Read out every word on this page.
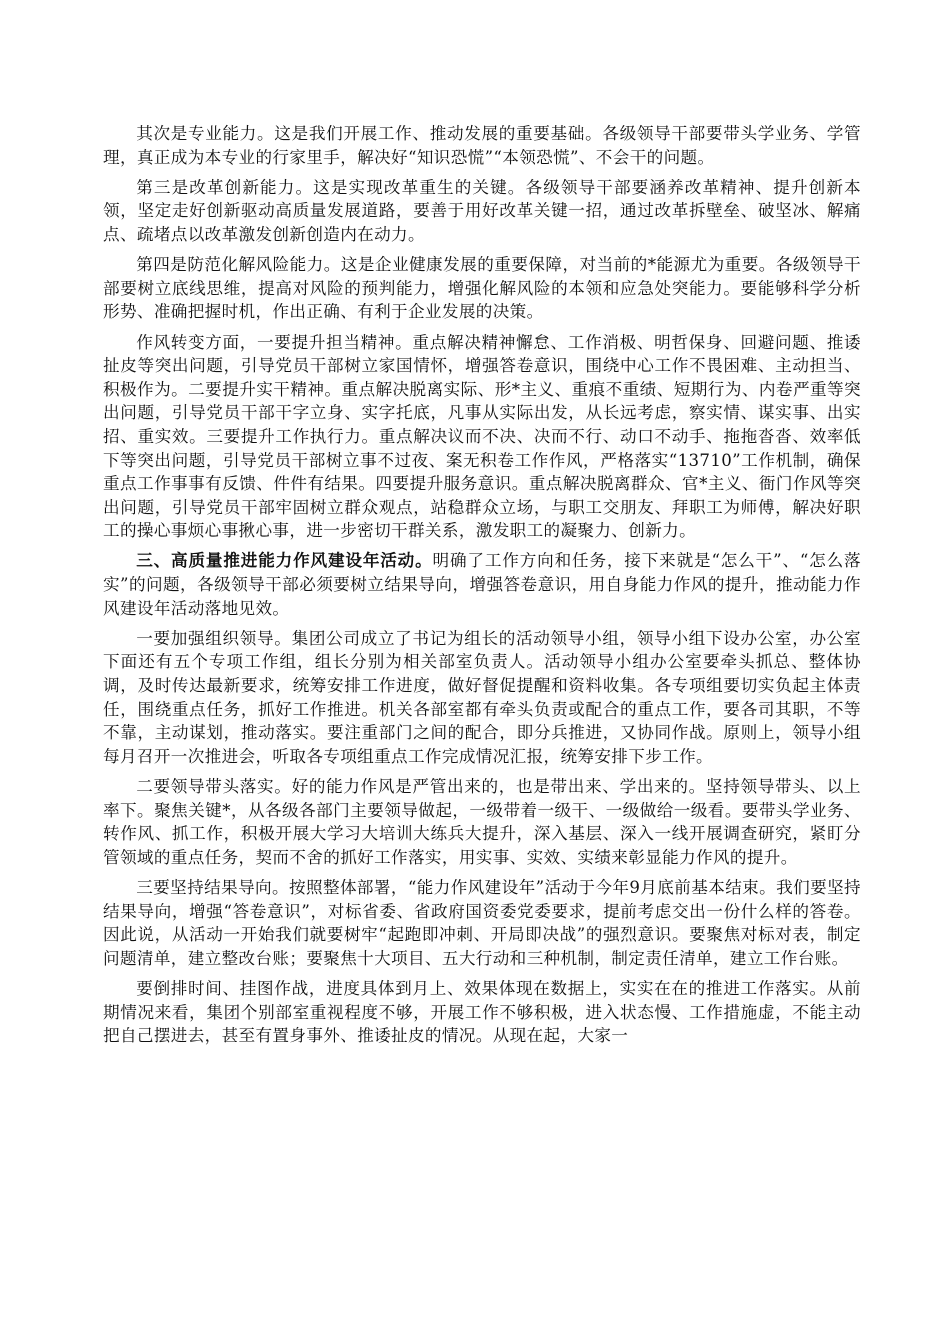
其次是专业能力。这是我们开展工作、推动发展的重要基础。各级领导干部要带头学业务、学管理，真正成为本专业的行家里手，解决好“知识恐慌”“本领恐慌”、不会干的问题。

第三是改革创新能力。这是实现改革重生的关键。各级领导干部要涵养改革精神、提升创新本领，坚定走好创新驱动高质量发展道路，要善于用好改革关键一招，通过改革拆壁垒、破坚冰、解痛点、疏堵点以改革激发创新创造内在动力。

第四是防范化解风险能力。这是企业健康发展的重要保障，对当前的*能源尤为重要。各级领导干部要树立底线思维，提高对风险的预判能力，增强化解风险的本领和应急处突能力。要能够科学分析形势、准确把握时机，作出正确、有利于企业发展的决策。

作风转变方面，一要提升担当精神。重点解决精神懈怠、工作消极、明哲保身、回避问题、推诿扯皮等突出问题，引导党员干部树立家国情怀，增强答卷意识，围绕中心工作不畏困难、主动担当、积极作为。二要提升实干精神。重点解决脱离实际、形*主义、重痕不重绩、短期行为、内卷严重等突出问题，引导党员干部干字立身、实字托底，凡事从实际出发，从长远考虑，察实情、谋实事、出实招、重实效。三要提升工作执行力。重点解决议而不决、决而不行、动口不动手、拖拖沓沓、效率低下等突出问题，引导党员干部树立事不过夜、案无积卷工作作风，严格落实“13710”工作机制，确保重点工作事事有反馈、件件有结果。四要提升服务意识。重点解决脱离群众、官*主义、衙门作风等突出问题，引导党员干部牢固树立群众观点，站稳群众立场，与职工交朋友、拜职工为师傅，解决好职工的操心事烦心事揪心事，进一步密切干群关系，激发职工的凝聚力、创新力。

三、高质量推进能力作风建设年活动。明确了工作方向和任务，接下来就是“怎么干”、“怎么落实”的问题，各级领导干部必须要树立结果导向，增强答卷意识，用自身能力作风的提升，推动能力作风建设年活动落地见效。

一要加强组织领导。集团公司成立了书记为组长的活动领导小组，领导小组下设办公室，办公室下面还有五个专项工作组，组长分别为相关部室负责人。活动领导小组办公室要牵头抓总、整体协调，及时传达最新要求，统筹安排工作进度，做好督促提醒和资料收集。各专项组要切实负起主体责任，围绕重点任务，抓好工作推进。机关各部室都有牵头负责或配合的重点工作，要各司其职，不等不靠，主动谋划，推动落实。要注重部门之间的配合，即分兵推进，又协同作战。原则上，领导小组每月召开一次推进会，听取各专项组重点工作完成情况汇报，统筹安排下步工作。

二要领导带头落实。好的能力作风是严管出来的，也是带出来、学出来的。坚持领导带头、以上率下。聚焦关键*，从各级各部门主要领导做起，一级带着一级干、一级做给一级看。要带头学业务、转作风、抓工作，积极开展大学习大培训大练兵大提升，深入基层、深入一线开展调查研究，紧盯分管领域的重点任务，契而不舍的抓好工作落实，用实事、实效、实绩来彰显能力作风的提升。

三要坚持结果导向。按照整体部署，“能力作风建设年”活动于今年9月底前基本结束。我们要坚持结果导向，增强“答卷意识”，对标省委、省政府国资委党委要求，提前考虑交出一份什么样的答卷。因此说，从活动一开始我们就要树牢“起跑即冲刺、开局即决战”的强烈意识。要聚焦对标对表，制定问题清单，建立整改台账；要聚焦十大项目、五大行动和三种机制，制定责任清单，建立工作台账。

要倒排时间、挂图作战，进度具体到月上、效果体现在数据上，实实在在的推进工作落实。从前期情况来看，集团个别部室重视程度不够，开展工作不够积极，进入状态慢、工作措施虚，不能主动把自己摆进去，甚至有置身事外、推诿扯皮的情况。从现在起，大家一
